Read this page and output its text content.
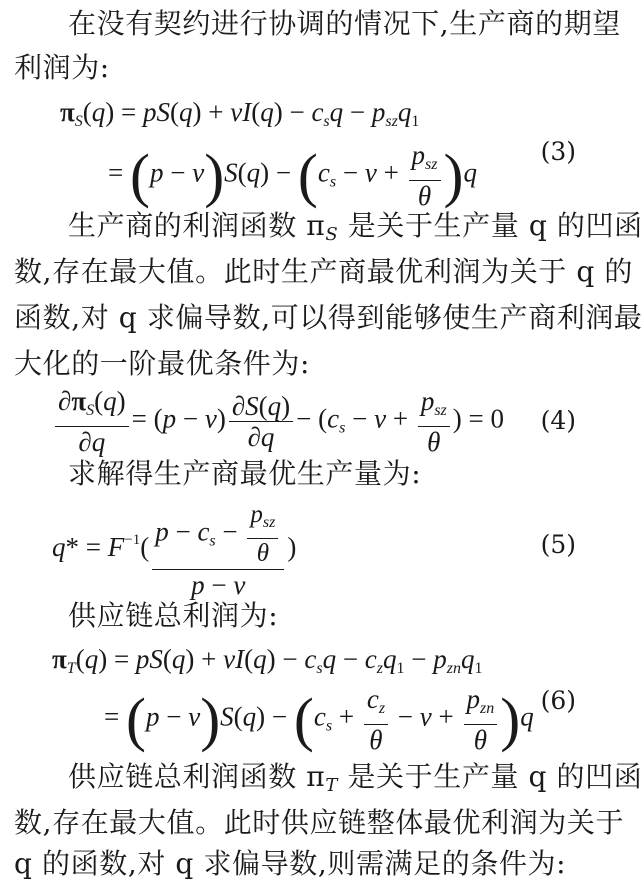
在没有契约进行协调的情况下,生产商的期望
利润为:
$\pi_S(q) = pS(q) + vI(q) - c_sq - p_{sz}q_1$
= $(p - v)S(q) - (c_s - v + \frac{p_{sz}}{\theta} )q$
(3)
生产商的利润函数 $\pi_S$ 是关于生产量 q 的凹函
数,存在最大值。此时生产商最优利润为关于 q 的
函数,对 q 求偏导数,可以得到能够使生产商利润最
大化的一阶最优条件为:
$\frac{\partial\pi_S(q)}{\partial q} = (p - v) \frac{\partial S(q)}{\partial q} - (c_s - v + \frac{p_{sz}}{\theta}$ ) = 0 (4)
求解得生产商最优生产量为:
$q* = F^{-1}( \frac{p - c_s - \frac{p_{sz}}{\theta}}{p - v}$ )	(5)
供应链总利润为:
$\pi_T(q) = pS(q) + vI(q) - c_sq - c_zq_1 - p_{zn}q_1$
= $(p - v)S(q) - (c_s + \frac{c_z}{\theta} - v + \frac{p_{zn}}{\theta} )q$
(6)
供应链总利润函数 $\pi_T$ 是关于生产量 q 的凹函
数,存在最大值。此时供应链整体最优利润为关于
q 的函数,对 q 求偏导数,则需满足的条件为:
